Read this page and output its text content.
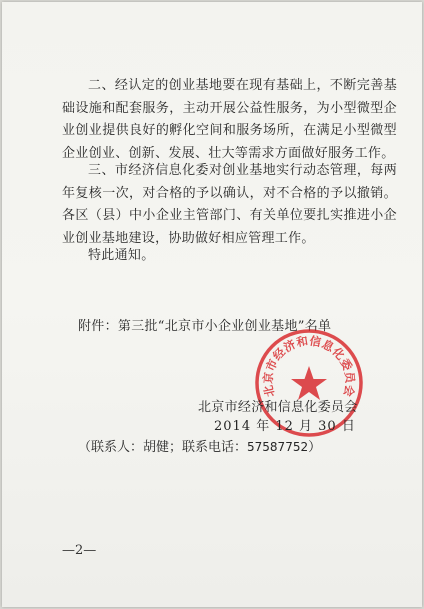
二、经认定的创业基地要在现有基础上，不断完善基础设施和配套服务，主动开展公益性服务，为小型微型企业创业提供良好的孵化空间和服务场所，在满足小型微型企业创业、创新、发展、壮大等需求方面做好服务工作。

三、市经济信息化委对创业基地实行动态管理，每两年复核一次，对合格的予以确认，对不合格的予以撤销。各区（县）中小企业主管部门、有关单位要扎实推进小企业创业基地建设，协助做好相应管理工作。

特此通知。

附件：第三批“北京市小企业创业基地”名单
北京市经济和信息化委员会
北京市经济和信息化委员会
2014 年 12 月 30 日
（联系人：胡健；联系电话：57587752）
—2—
